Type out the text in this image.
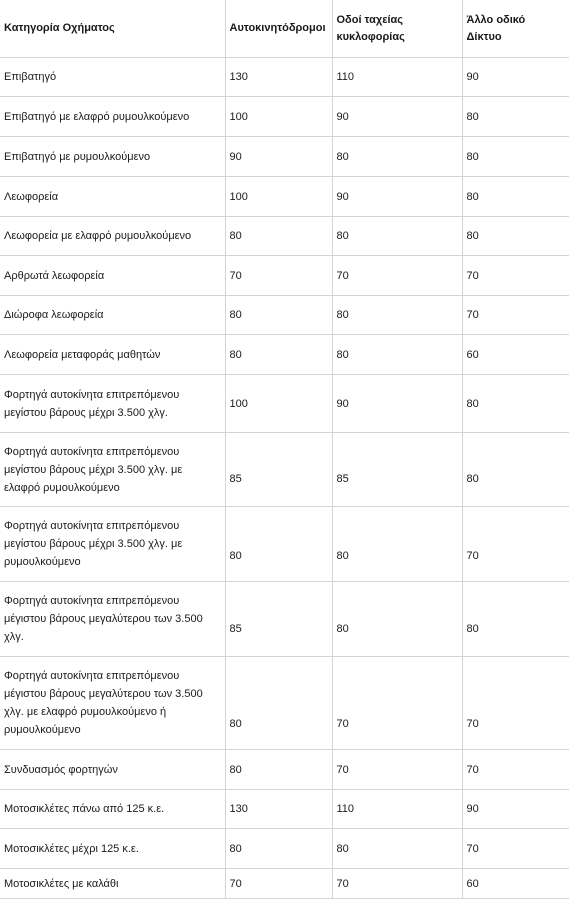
Κατηγορία Οχήματος	Αυτοκινητόδρομοι	Οδοί ταχείας κυκλοφορίας	Άλλο οδικό Δίκτυο
Επιβατηγό	130	110	90
Επιβατηγό με ελαφρό ρυμουλκούμενο	100	90	80
Επιβατηγό με ρυμουλκούμενο	90	80	80
Λεωφορεία	100	90	80
Λεωφορεία με ελαφρό ρυμουλκούμενο	80	80	80
Αρθρωτά λεωφορεία	70	70	70
Διώροφα λεωφορεία	80	80	70
Λεωφορεία μεταφοράς μαθητών	80	80	60
Φορτηγά αυτοκίνητα επιτρεπόμενου μεγίστου βάρους μέχρι 3.500 χλγ.	100	90	80
Φορτηγά αυτοκίνητα επιτρεπόμενου μεγίστου βάρους μέχρι 3.500 χλγ. με ελαφρό ρυμουλκούμενο	85	85	80
Φορτηγά αυτοκίνητα επιτρεπόμενου μεγίστου βάρους μέχρι 3.500 χλγ. με ρυμουλκούμενο	80	80	70
Φορτηγά αυτοκίνητα επιτρεπόμενου μέγιστου βάρους μεγαλύτερου των 3.500 χλγ.	85	80	80
Φορτηγά αυτοκίνητα επιτρεπόμενου μέγιστου βάρους μεγαλύτερου των 3.500 χλγ. με ελαφρό ρυμουλκούμενο ή ρυμουλκούμενο	80	70	70
Συνδυασμός φορτηγών	80	70	70
Μοτοσικλέτες πάνω από 125 κ.ε.	130	110	90
Μοτοσικλέτες μέχρι 125 κ.ε.	80	80	70
Μοτοσικλέτες με καλάθι	70	70	60
